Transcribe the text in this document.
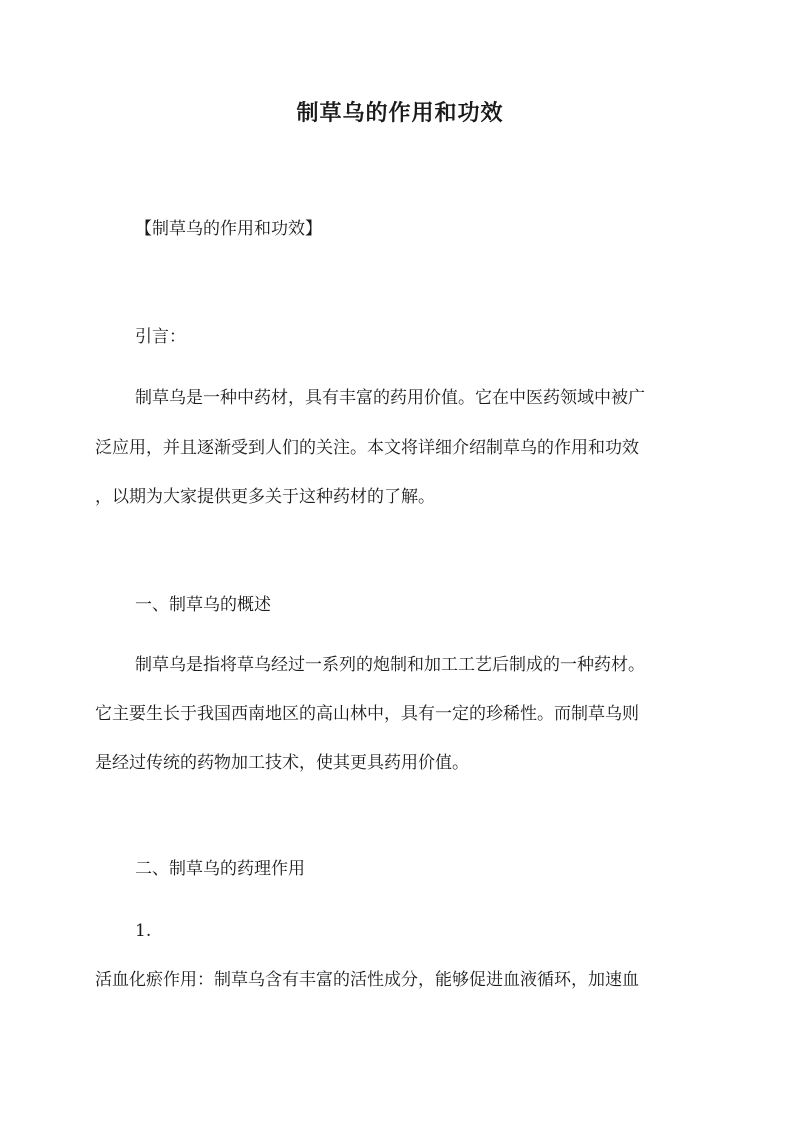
制草乌的作用和功效

【制草乌的作用和功效】

引言：

制草乌是一种中药材，具有丰富的药用价值。它在中医药领域中被广

泛应用，并且逐渐受到人们的关注。本文将详细介绍制草乌的作用和功效

，以期为大家提供更多关于这种药材的了解。

一、制草乌的概述

制草乌是指将草乌经过一系列的炮制和加工工艺后制成的一种药材。

它主要生长于我国西南地区的高山林中，具有一定的珍稀性。而制草乌则

是经过传统的药物加工技术，使其更具药用价值。

二、制草乌的药理作用

1.

活血化瘀作用：制草乌含有丰富的活性成分，能够促进血液循环，加速血
